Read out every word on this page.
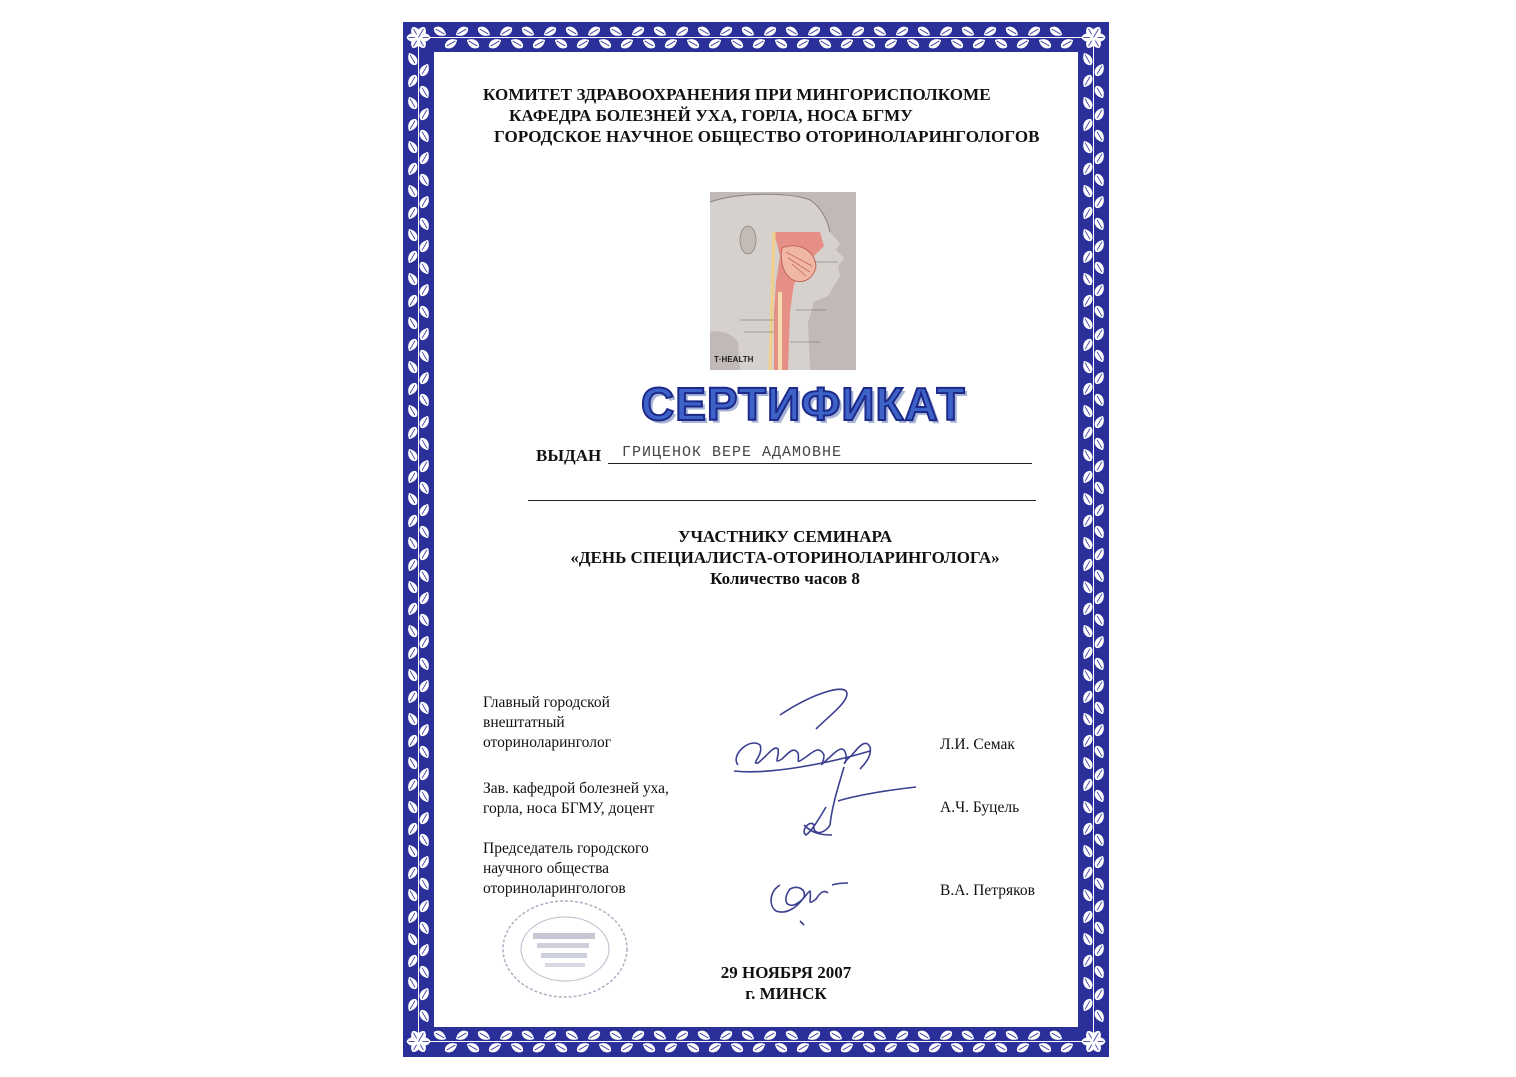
КОМИТЕТ ЗДРАВООХРАНЕНИЯ ПРИ МИНГОРИСПОЛКОМЕ
КАФЕДРА БОЛЕЗНЕЙ УХА, ГОРЛА, НОСА БГМУ
ГОРОДСКОЕ НАУЧНОЕ ОБЩЕСТВО ОТОРИНОЛАРИНГОЛОГОВ
T·HEALTH
СЕРТИФИКАТ
ВЫДАН ГРИЦЕНОК ВЕРЕ АДАМОВНЕ
УЧАСТНИКУ СЕМИНАРА
«ДЕНЬ СПЕЦИАЛИСТА-ОТОРИНОЛАРИНГОЛОГА»
Количество часов 8
Главный городской
внештатный
оториноларинголог	Л.И. Семак
Зав. кафедрой болезней уха,
горла, носа БГМУ, доцент	А.Ч. Буцель
Председатель городского
научного общества
оториноларингологов	В.А. Петряков
29 НОЯБРЯ 2007
г. МИНСК
